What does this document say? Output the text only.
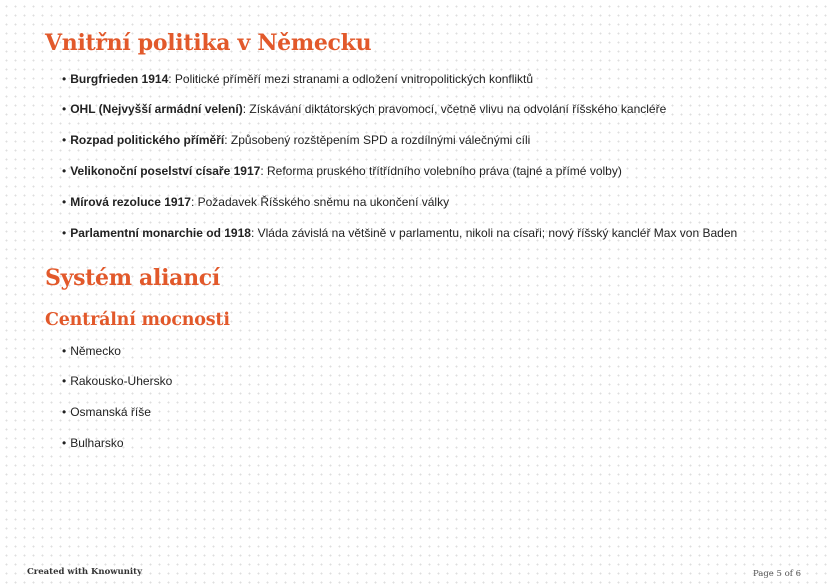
Vnitřní politika v Německu

• Burgfrieden 1914: Politické příměří mezi stranami a odložení vnitropolitických konfliktů

• OHL (Nejvyšší armádní velení): Získávání diktátorských pravomocí, včetně vlivu na odvolání říšského kancléře

• Rozpad politického příměří: Způsobený rozštěpením SPD a rozdílnými válečnými cíli

• Velikonoční poselství císaře 1917: Reforma pruského třítřídního volebního práva (tajné a přímé volby)

• Mírová rezoluce 1917: Požadavek Říšského sněmu na ukončení války

• Parlamentní monarchie od 1918: Vláda závislá na většině v parlamentu, nikoli na císaři; nový říšský kancléř Max von Baden

Systém aliancí
Centrální mocnosti

• Německo

• Rakousko-Uhersko

• Osmanská říše

• Bulharsko

Created with Knowunity	Page 5 of 6
